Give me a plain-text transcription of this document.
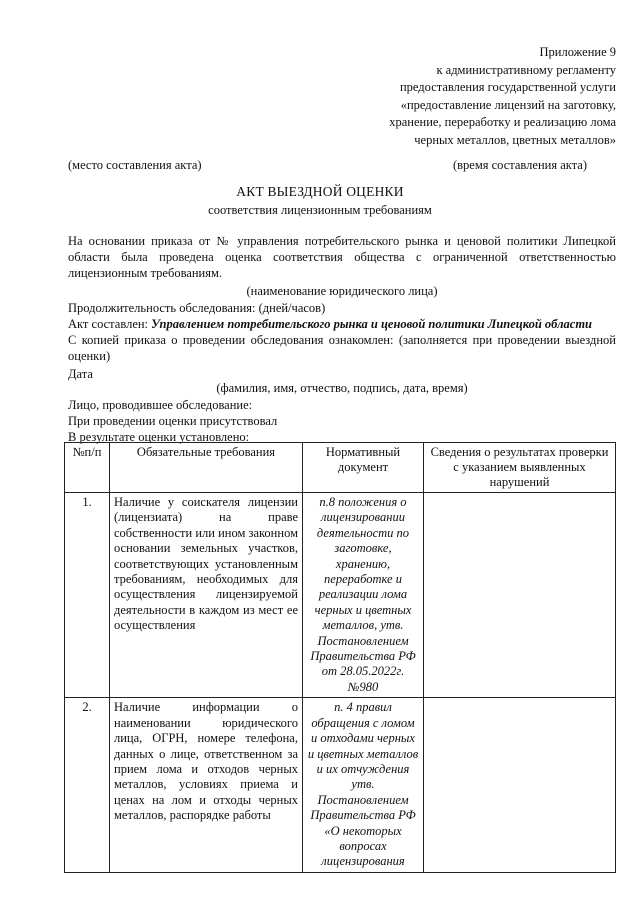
Приложение 9
к административному регламенту
предоставления государственной услуги
«предоставление лицензий на заготовку,
хранение, переработку и реализацию лома
черных металлов, цветных металлов»
(место составления акта)	(время составления акта)
АКТ ВЫЕЗДНОЙ ОЦЕНКИ
соответствия лицензионным требованиям
На основании приказа от № управления потребительского рынка и ценовой политики Липецкой области была проведена оценка соответствия общества с ограниченной ответственностью лицензионным требованиям.
(наименование юридического лица)
Продолжительность обследования: (дней/часов)
Акт составлен: Управлением потребительского рынка и ценовой политики Липецкой области
С копией приказа о проведении обследования ознакомлен: (заполняется при проведении выездной оценки)
Дата
(фамилия, имя, отчество, подпись, дата, время)
Лицо, проводившее обследование:
При проведении оценки присутствовал
В результате оценки установлено:
№п/п	Обязательные требования	Нормативный документ	Сведения о результатах проверки с указанием выявленных нарушений
1.	Наличие у соискателя лицензии (лицензиата) на праве собственности или ином законном основании земельных участков, соответствующих установленным требованиям, необходимых для осуществления лицензируемой деятельности в каждом из мест ее осуществления	п.8 положения о лицензировании деятельности по заготовке, хранению, переработке и реализации лома черных и цветных металлов, утв. Постановлением Правительства РФ от 28.05.2022г. №980	
2.	Наличие информации о наименовании юридического лица, ОГРН, номере телефона, данных о лице, ответственном за прием лома и отходов черных металлов, условиях приема и ценах на лом и отходы черных металлов, распорядке работы	п. 4 правил обращения с ломом и отходами черных и цветных металлов и их отчуждения утв. Постановлением Правительства РФ «О некоторых вопросах лицензирования	
